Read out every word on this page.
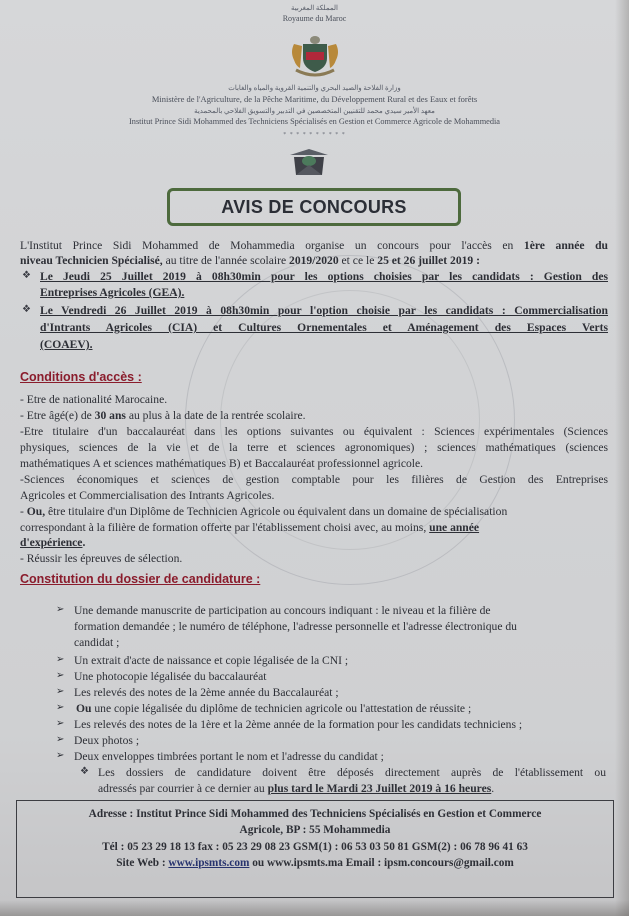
المملكة المغربية
Royaume du Maroc
وزارة الفلاحة والصيد البحري والتنمية القروية والمياه والغابات
Ministère de l'Agriculture, de la Pêche Maritime, du Développement Rural et des Eaux et forêts
معهد الأمير سيدي محمد للتقنيين المتخصصين في التدبير والتسويق الفلاحي بالمحمدية
Institut Prince Sidi Mohammed des Techniciens Spécialisés en Gestion et Commerce Agricole de Mohammedia
* * * * * * * * * *
AVIS DE CONCOURS
L'Institut Prince Sidi Mohammed de Mohammedia organise un concours pour l'accès en 1ère année du
niveau Technicien Spécialisé, au titre de l'année scolaire 2019/2020 et ce le 25 et 26 juillet 2019 :
❖ Le Jeudi 25 Juillet 2019 à 08h30min pour les options choisies par les candidats : Gestion des
Entreprises Agricoles (GEA).
❖ Le Vendredi 26 Juillet 2019 à 08h30min pour l'option choisie par les candidats : Commercialisation
d'Intrants Agricoles (CIA) et Cultures Ornementales et Aménagement des Espaces Verts
(COAEV).
Conditions d'accès :
- Etre de nationalité Marocaine.
- Etre âgé(e) de 30 ans au plus à la date de la rentrée scolaire.
-Etre titulaire d'un baccalauréat dans les options suivantes ou équivalent : Sciences expérimentales (Sciences
physiques, sciences de la vie et de la terre et sciences agronomiques) ; sciences mathématiques (sciences
mathématiques A et sciences mathématiques B) et Baccalauréat professionnel agricole.
-Sciences économiques et sciences de gestion comptable pour les filières de Gestion des Entreprises
Agricoles et Commercialisation des Intrants Agricoles.
- Ou, être titulaire d'un Diplôme de Technicien Agricole ou équivalent dans un domaine de spécialisation
correspondant à la filière de formation offerte par l'établissement choisi avec, au moins, une année
d'expérience.
- Réussir les épreuves de sélection.
Constitution du dossier de candidature :
➢ Une demande manuscrite de participation au concours indiquant : le niveau et la filière de
formation demandée ; le numéro de téléphone, l'adresse personnelle et l'adresse électronique du
candidat ;
➢ Un extrait d'acte de naissance et copie légalisée de la CNI ;
➢ Une photocopie légalisée du baccalauréat
➢ Les relevés des notes de la 2ème année du Baccalauréat ;
➢ Ou une copie légalisée du diplôme de technicien agricole ou l'attestation de réussite ;
➢ Les relevés des notes de la 1ère et la 2ème année de la formation pour les candidats techniciens ;
➢ Deux photos ;
➢ Deux enveloppes timbrées portant le nom et l'adresse du candidat ;
❖ Les dossiers de candidature doivent être déposés directement auprès de l'établissement ou
adressés par courrier à ce dernier au plus tard le Mardi 23 Juillet 2019 à 16 heures.
Adresse : Institut Prince Sidi Mohammed des Techniciens Spécialisés en Gestion et Commerce
Agricole, BP : 55 Mohammedia
Tél : 05 23 29 18 13 fax : 05 23 29 08 23 GSM(1) : 06 53 03 50 81 GSM(2) : 06 78 96 41 63
Site Web : www.ipsmts.com ou www.ipsmts.ma Email : ipsm.concours@gmail.com
